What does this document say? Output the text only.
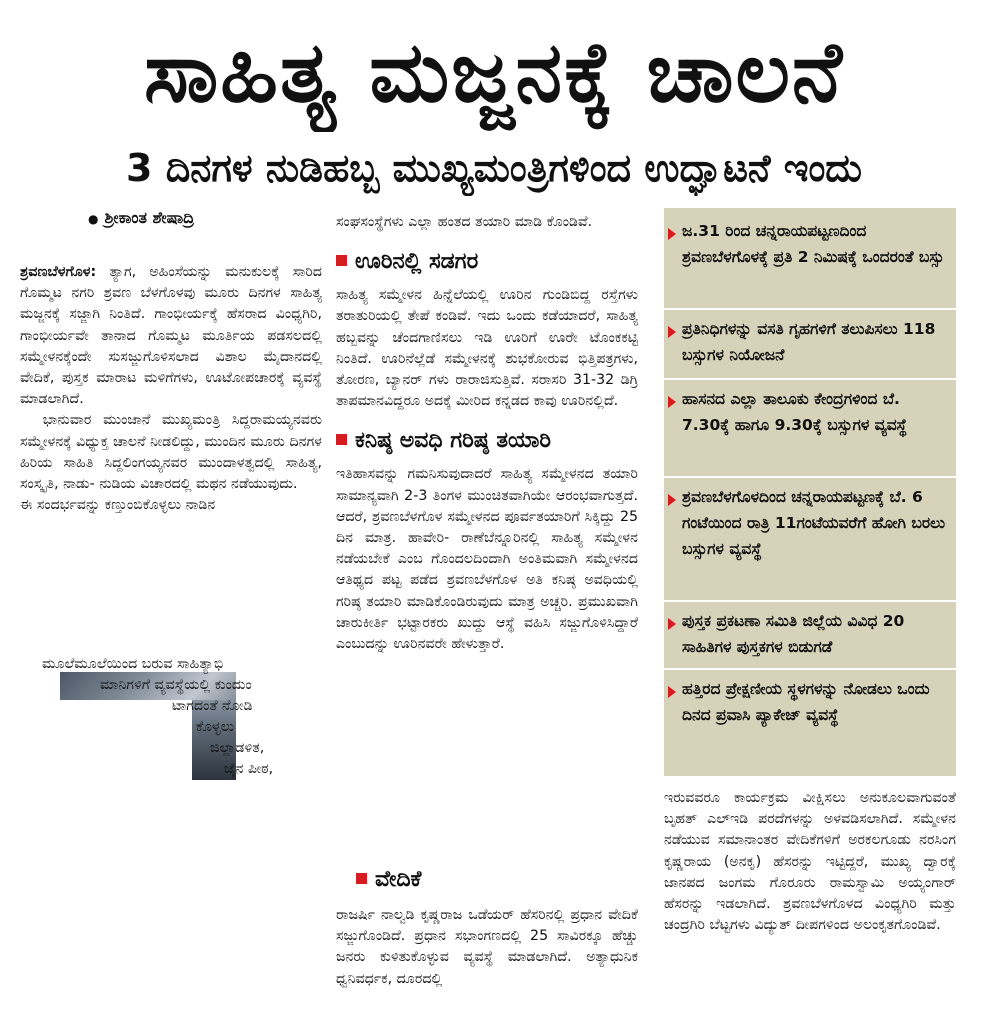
ಸಾಹಿತ್ಯ ಮಜ್ಜನಕ್ಕೆ ಚಾಲನೆ
3 ದಿನಗಳ ನುಡಿಹಬ್ಬ ಮುಖ್ಯಮಂತ್ರಿಗಳಿಂದ ಉದ್ಘಾಟನೆ ಇಂದು
● ಶ್ರೀಕಾಂತ ಶೇಷಾದ್ರಿ

ಶ್ರವಣಬೆಳಗೊಳ: ತ್ಯಾಗ, ಅಹಿಂಸೆಯನ್ನು ಮನುಕುಲಕ್ಕೆ ಸಾರಿದ ಗೊಮ್ಮಟ ನಗರಿ ಶ್ರವಣ ಬೆಳಗೊಳವು ಮೂರು ದಿನಗಳ ಸಾಹಿತ್ಯ ಮಜ್ಜನಕ್ಕೆ ಸಜ್ಜಾಗಿ ನಿಂತಿದೆ. ಗಾಂಭೀರ್ಯಕ್ಕೆ ಹೆಸರಾದ ವಿಂಧ್ಯಗಿರಿ, ಗಾಂಭೀರ್ಯವೇ ತಾನಾದ ಗೊಮ್ಮಟ ಮೂರ್ತಿಯ ಪಡಸಲದಲ್ಲಿ ಸಮ್ಮೇಳನಕ್ಕೆಂದೇ ಸುಸಜ್ಜುಗೊಳಿಸಲಾದ ವಿಶಾಲ ಮೈದಾನದಲ್ಲಿ ವೇದಿಕೆ, ಪುಸ್ತಕ ಮಾರಾಟ ಮಳಿಗೆಗಳು, ಊಟೋಪಚಾರಕ್ಕೆ ವ್ಯವಸ್ಥೆ ಮಾಡಲಾಗಿದೆ.

ಭಾನುವಾರ ಮುಂಜಾನೆ ಮುಖ್ಯಮಂತ್ರಿ ಸಿದ್ದರಾಮಯ್ಯನವರು ಸಮ್ಮೇಳನಕ್ಕೆ ವಿಧ್ಯುಕ್ತ ಚಾಲನೆ ನೀಡಲಿದ್ದು, ಮುಂದಿನ ಮೂರು ದಿನಗಳ ಹಿರಿಯ ಸಾಹಿತಿ ಸಿದ್ದಲಿಂಗಯ್ಯನವರ ಮುಂದಾಳತ್ವದಲ್ಲಿ ಸಾಹಿತ್ಯ, ಸಂಸ್ಕೃತಿ, ನಾಡು- ನುಡಿಯ ವಿಚಾರದಲ್ಲಿ ಮಥನ ನಡೆಯುವುದು.

ಈ ಸಂದರ್ಭವನ್ನು ಕಣ್ತುಂಬಿಕೊಳ್ಳಲು ನಾಡಿನ

ಮೂಲೆಮೂಲೆಯಿಂದ ಬರುವ ಸಾಹಿತ್ಯಾಭಿ
ಮಾನಿಗಳಿಗೆ ವ್ಯವಸ್ಥೆಯಲ್ಲಿ ಕುಂದುಂ
ಟಾಗದಂತೆ ನೋಡಿ
ಕೊಳ್ಳಲು
ಜಿಲ್ಲಾಡಳಿತ,
ಜೈನ ಪೀಠ,

ಸಂಘಸಂಸ್ಥೆಗಳು ಎಲ್ಲಾ ಹಂತದ ತಯಾರಿ ಮಾಡಿ ಕೊಂಡಿವೆ.

ಊರಿನಲ್ಲಿ ಸಡಗರ

ಸಾಹಿತ್ಯ ಸಮ್ಮೇಳನ ಹಿನ್ನೆಲೆಯಲ್ಲಿ ಊರಿನ ಗುಂಡಿಬಿದ್ದ ರಸ್ತೆಗಳು ತರಾತುರಿಯಲ್ಲಿ ತೇಪೆ ಕಂಡಿವೆ. ಇದು ಒಂದು ಕಡೆಯಾದರೆ, ಸಾಹಿತ್ಯ ಹಬ್ಬವನ್ನು ಚೆಂದಗಾಣಿಸಲು ಇಡಿ ಊರಿಗೆ ಊರೇ ಟೊಂಕಕಟ್ಟಿ ನಿಂತಿದೆ. ಊರಿನೆಲ್ಲೆಡೆ ಸಮ್ಮೇಳನಕ್ಕೆ ಶುಭಕೋರುವ ಭಿತ್ತಿಪತ್ರಗಳು, ತೋರಣ, ಬ್ಯಾನರ್ ಗಳು ರಾರಾಜಿಸುತ್ತಿವೆ. ಸರಾಸರಿ 31-32 ಡಿಗ್ರಿ ತಾಪಮಾನವಿದ್ದರೂ ಅದಕ್ಕೆ ಮೀರಿದ ಕನ್ನಡದ ಕಾವು ಊರಿನಲ್ಲಿದೆ.

ಕನಿಷ್ಠ ಅವಧಿ ಗರಿಷ್ಠ ತಯಾರಿ

ಇತಿಹಾಸವನ್ನು ಗಮನಿಸುವುದಾದರೆ ಸಾಹಿತ್ಯ ಸಮ್ಮೇಳನದ ತಯಾರಿ ಸಾಮಾನ್ಯವಾಗಿ 2-3 ತಿಂಗಳ ಮುಂಚಿತವಾಗಿಯೇ ಆರಂಭವಾಗುತ್ತದೆ. ಆದರೆ, ಶ್ರವಣಬೆಳಗೊಳ ಸಮ್ಮೇಳನದ ಪೂರ್ವತಯಾರಿಗೆ ಸಿಕ್ಕಿದ್ದು 25 ದಿನ ಮಾತ್ರ. ಹಾವೇರಿ- ರಾಣೆಬೆನ್ನೂರಿನಲ್ಲಿ ಸಾಹಿತ್ಯ ಸಮ್ಮೇಳನ ನಡೆಯಬೇಕೆ ಎಂಬ ಗೊಂದಲದಿಂದಾಗಿ ಅಂತಿಮವಾಗಿ ಸಮ್ಮೇಳನದ ಆತಿಥ್ಯದ ಪಟ್ಟ ಪಡೆದ ಶ್ರವಣಬೆಳಗೊಳ ಅತಿ ಕನಿಷ್ಠ ಅವಧಿಯಲ್ಲಿ ಗರಿಷ್ಠ ತಯಾರಿ ಮಾಡಿಕೊಂಡಿರುವುದು ಮಾತ್ರ ಅಚ್ಚರಿ. ಪ್ರಮುಖವಾಗಿ ಚಾರುಕೀರ್ತಿ ಭಟ್ಟಾರಕರು ಖುದ್ದು ಆಸ್ಥೆ ವಹಿಸಿ ಸಜ್ಜುಗೊಳಿಸಿದ್ದಾರೆ ಎಂಬುದನ್ನು ಊರಿನವರೇ ಹೇಳುತ್ತಾರೆ.

ವೇದಿಕೆ

ರಾಜರ್ಷಿ ನಾಲ್ವಡಿ ಕೃಷ್ಣರಾಜ ಒಡೆಯರ್ ಹೆಸರಿನಲ್ಲಿ ಪ್ರಧಾನ ವೇದಿಕೆ ಸಜ್ಜುಗೊಂಡಿದೆ. ಪ್ರಧಾನ ಸಭಾಂಗಣದಲ್ಲಿ 25 ಸಾವಿರಕ್ಕೂ ಹೆಚ್ಚು ಜನರು ಕುಳಿತುಕೊಳ್ಳುವ ವ್ಯವಸ್ಥೆ ಮಾಡಲಾಗಿದೆ. ಅತ್ಯಾಧುನಿಕ ಧ್ವನಿವರ್ಧಕ, ದೂರದಲ್ಲಿ

ಜ.31 ರಿಂದ ಚನ್ನರಾಯಪಟ್ಟಣದಿಂದ ಶ್ರವಣಬೆಳಗೊಳಕ್ಕೆ ಪ್ರತಿ 2 ನಿಮಿಷಕ್ಕೆ ಒಂದರಂತೆ ಬಸ್ಸು
ಪ್ರತಿನಿಧಿಗಳನ್ನು ವಸತಿ ಗೃಹಗಳಿಗೆ ತಲುಪಿಸಲು 118 ಬಸ್ಸುಗಳ ನಿಯೋಜನೆ
ಹಾಸನದ ಎಲ್ಲಾ ತಾಲೂಕು ಕೇಂದ್ರಗಳಿಂದ ಬೆ. 7.30ಕ್ಕೆ ಹಾಗೂ 9.30ಕ್ಕೆ ಬಸ್ಸುಗಳ ವ್ಯವಸ್ಥೆ
ಶ್ರವಣಬೆಳಗೊಳದಿಂದ ಚನ್ನರಾಯಪಟ್ಟಣಕ್ಕೆ ಬೆ. 6 ಗಂಟೆಯಿಂದ ರಾತ್ರಿ 11ಗಂಟೆಯವರೆಗೆ ಹೋಗಿ ಬರಲು ಬಸ್ಸುಗಳ ವ್ಯವಸ್ಥೆ
ಪುಸ್ತಕ ಪ್ರಕಟಣಾ ಸಮಿತಿ ಜಿಲ್ಲೆಯ ವಿವಿಧ 20 ಸಾಹಿತಿಗಳ ಪುಸ್ತಕಗಳ ಬಿಡುಗಡೆ
ಹತ್ತಿರದ ಪ್ರೇಕ್ಷಣೀಯ ಸ್ಥಳಗಳನ್ನು ನೋಡಲು ಒಂದು ದಿನದ ಪ್ರವಾಸಿ ಪ್ಯಾಕೇಜ್ ವ್ಯವಸ್ಥೆ

ಇರುವವರೂ ಕಾರ್ಯಕ್ರಮ ವೀಕ್ಷಿಸಲು ಅನುಕೂಲವಾಗುವಂತೆ ಬೃಹತ್ ಎಲ್‌ಇಡಿ ಪರದೆಗಳನ್ನು ಅಳವಡಿಸಲಾಗಿದೆ. ಸಮ್ಮೇಳನ ನಡೆಯುವ ಸಮಾನಾಂತರ ವೇದಿಕೆಗಳಿಗೆ ಅರಕಲಗೂಡು ನರಸಿಂಗ ಕೃಷ್ಣರಾಯ (ಅನಕೃ) ಹೆಸರನ್ನು ಇಟ್ಟಿದ್ದರೆ, ಮುಖ್ಯ ದ್ವಾರಕ್ಕೆ ಜಾನಪದ ಜಂಗಮ ಗೊರೂರು ರಾಮಸ್ವಾಮಿ ಅಯ್ಯಂಗಾರ್ ಹೆಸರನ್ನು ಇಡಲಾಗಿದೆ. ಶ್ರವಣಬೆಳಗೊಳದ ವಿಂಧ್ಯಗಿರಿ ಮತ್ತು ಚಂದ್ರಗಿರಿ ಬೆಟ್ಟಗಳು ವಿದ್ಯುತ್ ದೀಪಗಳಿಂದ ಅಲಂಕೃತಗೊಂಡಿವೆ.
